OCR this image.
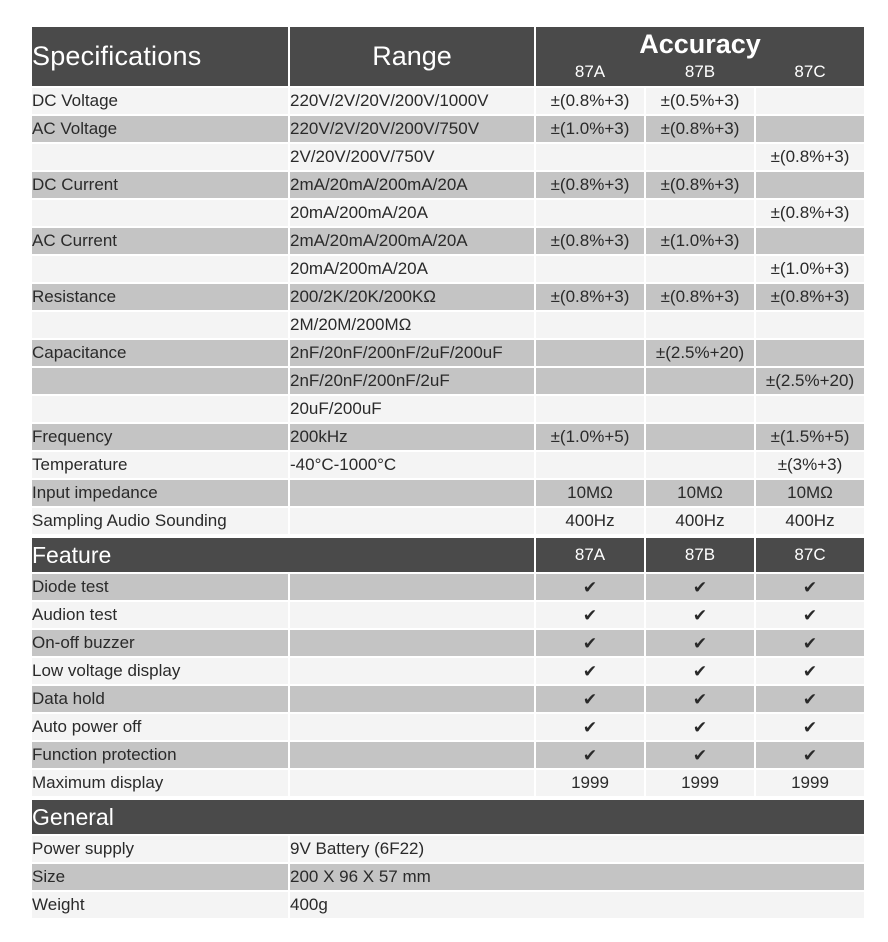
Specifications	Range	Accuracy
87A 87B 87C		

DC Voltage	220V/2V/20V/200V/1000V	±(0.8%+3)	±(0.5%+3)	
AC Voltage	220V/2V/20V/200V/750V	±(1.0%+3)	±(0.8%+3)	
	2V/20V/200V/750V			±(0.8%+3)
DC Current	2mA/20mA/200mA/20A	±(0.8%+3)	±(0.8%+3)	
	20mA/200mA/20A			±(0.8%+3)
AC Current	2mA/20mA/200mA/20A	±(0.8%+3)	±(1.0%+3)	
	20mA/200mA/20A			±(1.0%+3)
Resistance	200/2K/20K/200KΩ	±(0.8%+3)	±(0.8%+3)	±(0.8%+3)
	2M/20M/200MΩ			
Capacitance	2nF/20nF/200nF/2uF/200uF		±(2.5%+20)	
	2nF/20nF/200nF/2uF			±(2.5%+20)
	20uF/200uF			
Frequency	200kHz	±(1.0%+5)		±(1.5%+5)
Temperature	-40°C-1000°C			±(3%+3)
Input impedance		10MΩ	10MΩ	10MΩ
Sampling Audio Sounding		400Hz	400Hz	400Hz
Feature		87A	87B	87C
Diode test		✔	✔	✔
Audion test		✔	✔	✔
On-off buzzer		✔	✔	✔
Low voltage display		✔	✔	✔
Data hold		✔	✔	✔
Auto power off		✔	✔	✔
Function protection		✔	✔	✔
Maximum display		1999	1999	1999
General	
Power supply	9V Battery (6F22)
Size	200 X 96 X 57 mm
Weight	400g
